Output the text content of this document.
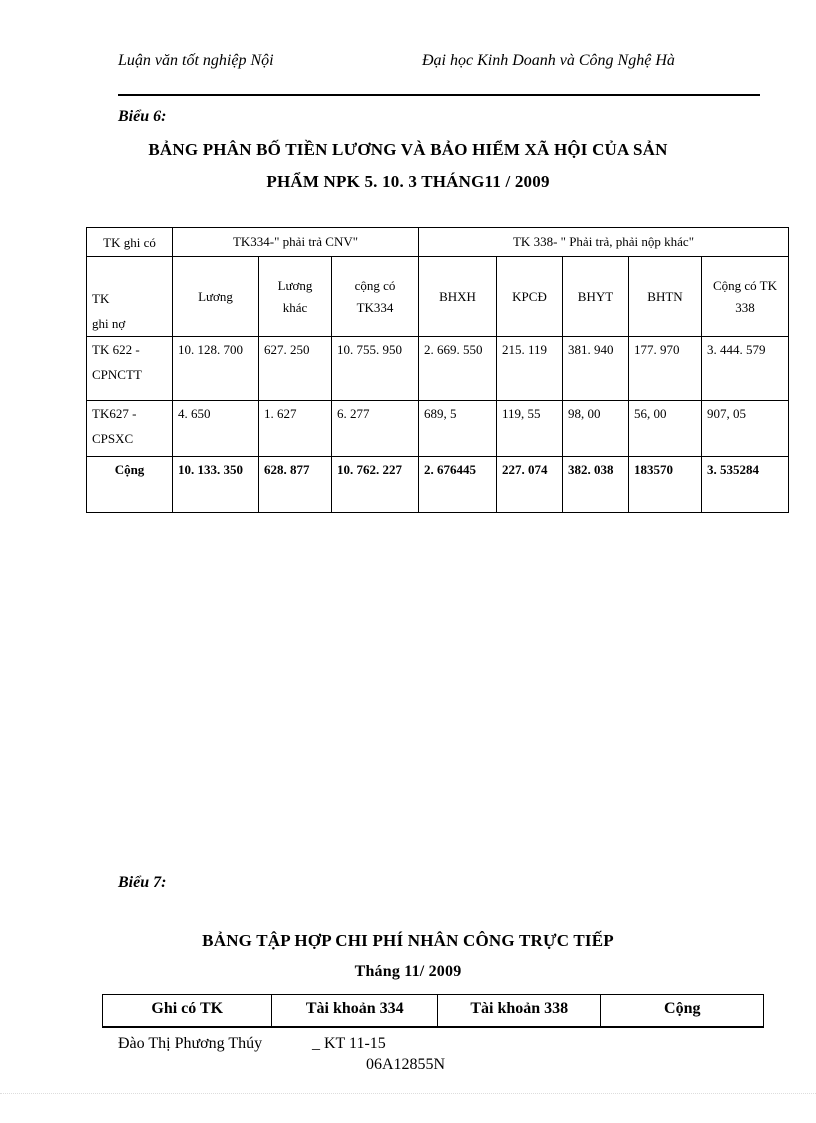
Luận văn tốt nghiệp Nội	Đại học Kinh Doanh và Công Nghệ Hà
Biểu 6:
BẢNG PHÂN BỐ TIỀN LƯƠNG VÀ BẢO HIỂM XÃ HỘI CỦA SẢN
PHẨM NPK 5. 10. 3 THÁNG11 / 2009
TK ghi có	TK334-" phải trả CNV"			TK 338- " Phải trả, phải nộp khác"				

TK
ghi nợ	Lương	Lương khác	cộng có TK334	BHXH	KPCĐ	BHYT	BHTN	Cộng có TK 338
TK 622 - CPNCTT	10. 128. 700	627. 250	10. 755. 950	2. 669. 550	215. 119	381. 940	177. 970	3. 444. 579
TK627 - CPSXC	4. 650	1. 627	6. 277	689, 5	119, 55	98, 00	56, 00	907, 05
Cộng	10. 133. 350	628. 877	10. 762. 227	2. 676445	227. 074	382. 038	183570	3. 535284
Biểu 7:
BẢNG TẬP HỢP CHI PHÍ NHÂN CÔNG TRỰC TIẾP
Tháng 11/ 2009
Ghi có TK	Tài khoản 334	Tài khoản 338	Cộng
Đào Thị Phương Thúy	_ KT 11-15
06A12855N
